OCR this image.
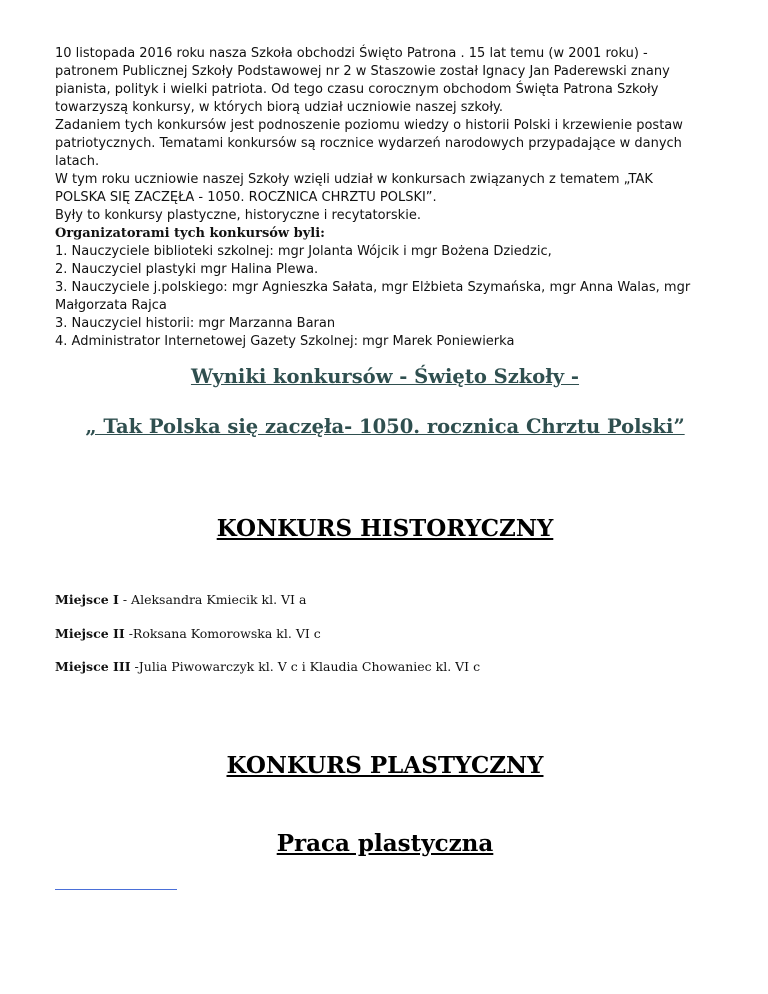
10 listopada 2016 roku nasza Szkoła obchodzi Święto Patrona . 15 lat temu (w 2001 roku) -

patronem Publicznej Szkoły Podstawowej nr 2 w Staszowie został Ignacy Jan Paderewski znany

pianista, polityk i wielki patriota. Od tego czasu corocznym obchodom Święta Patrona Szkoły

towarzyszą konkursy, w których biorą udział uczniowie naszej szkoły.

Zadaniem tych konkursów jest podnoszenie poziomu wiedzy o historii Polski i krzewienie postaw

patriotycznych. Tematami konkursów są rocznice wydarzeń narodowych przypadające w danych

latach.

W tym roku uczniowie naszej Szkoły wzięli udział w konkursach związanych z tematem „TAK

POLSKA SIĘ ZACZĘŁA - 1050. ROCZNICA CHRZTU POLSKI”.

Były to konkursy plastyczne, historyczne i recytatorskie.

Organizatorami tych konkursów byli:

1. Nauczyciele biblioteki szkolnej: mgr Jolanta Wójcik i mgr Bożena Dziedzic,

2. Nauczyciel plastyki mgr Halina Plewa.

3. Nauczyciele j.polskiego: mgr Agnieszka Sałata, mgr Elżbieta Szymańska, mgr Anna Walas, mgr

Małgorzata Rajca

3. Nauczyciel historii: mgr Marzanna Baran

4. Administrator Internetowej Gazety Szkolnej: mgr Marek Poniewierka

Wyniki konkursów - Święto Szkoły -
„ Tak Polska się zaczęła- 1050. rocznica Chrztu Polski”
KONKURS HISTORYCZNY

Miejsce I - Aleksandra Kmiecik kl. VI a

Miejsce II -Roksana Komorowska kl. VI c

Miejsce III -Julia Piwowarczyk kl. V c i Klaudia Chowaniec kl. VI c

KONKURS PLASTYCZNY
Praca plastyczna
